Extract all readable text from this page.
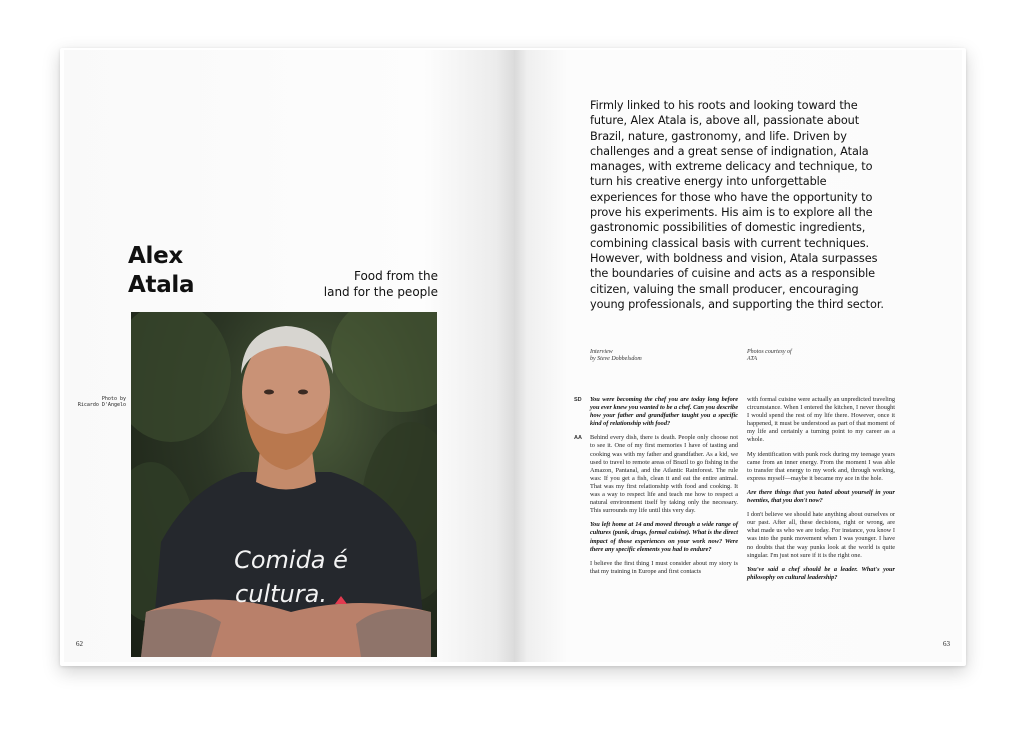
Alex
Atala	Food from the
land for the people
Photo by
Ricardo D'Angelo
Comida é
cultura.
62
Firmly linked to his roots and looking toward the future, Alex Atala is, above all, passionate about Brazil, nature, gastronomy, and life. Driven by challenges and a great sense of indignation, Atala manages, with extreme delicacy and technique, to turn his creative energy into unforgettable experiences for those who have the opportunity to prove his experiments. His aim is to explore all the gastronomic possibilities of domestic ingredients, combining classical basis with current techniques. However, with boldness and vision, Atala surpasses the boundaries of cuisine and acts as a responsible citizen, valuing the small producer, encouraging young professionals, and supporting the third sector.
Interview
by Steve Dobbelsdom
Photos courtesy of
ATA
SD You were becoming the chef you are today long before you ever knew you wanted to be a chef. Can you describe how your father and grandfather taught you a specific kind of relationship with food?

AA Behind every dish, there is death. People only choose not to see it. One of my first memories I have of tasting and cooking was with my father and grandfather. As a kid, we used to travel to remote areas of Brazil to go fishing in the Amazon, Pantanal, and the Atlantic Rainforest. The rule was: If you get a fish, clean it and eat the entire animal. That was my first relationship with food and cooking. It was a way to respect life and teach me how to respect a natural environment itself by taking only the necessary. This surrounds my life until this very day.

You left home at 14 and moved through a wide range of cultures (punk, drugs, formal cuisine). What is the direct impact of those experiences on your work now? Were there any specific elements you had to endure?

I believe the first thing I must consider about my story is that my training in Europe and first contacts

with formal cuisine were actually an unpredicted traveling circumstance. When I entered the kitchen, I never thought I would spend the rest of my life there. However, once it happened, it must be understood as part of that moment of my life and certainly a turning point to my career as a whole.

My identification with punk rock during my teenage years came from an inner energy. From the moment I was able to transfer that energy to my work and, through working, express myself—maybe it became my ace in the hole.

Are there things that you hated about yourself in your twenties, that you don't now?

I don't believe we should hate anything about ourselves or our past. After all, these decisions, right or wrong, are what made us who we are today. For instance, you know I was into the punk movement when I was younger. I have no doubts that the way punks look at the world is quite singular. I'm just not sure if it is the right one.

You've said a chef should be a leader. What's your philosophy on cultural leadership?

63
